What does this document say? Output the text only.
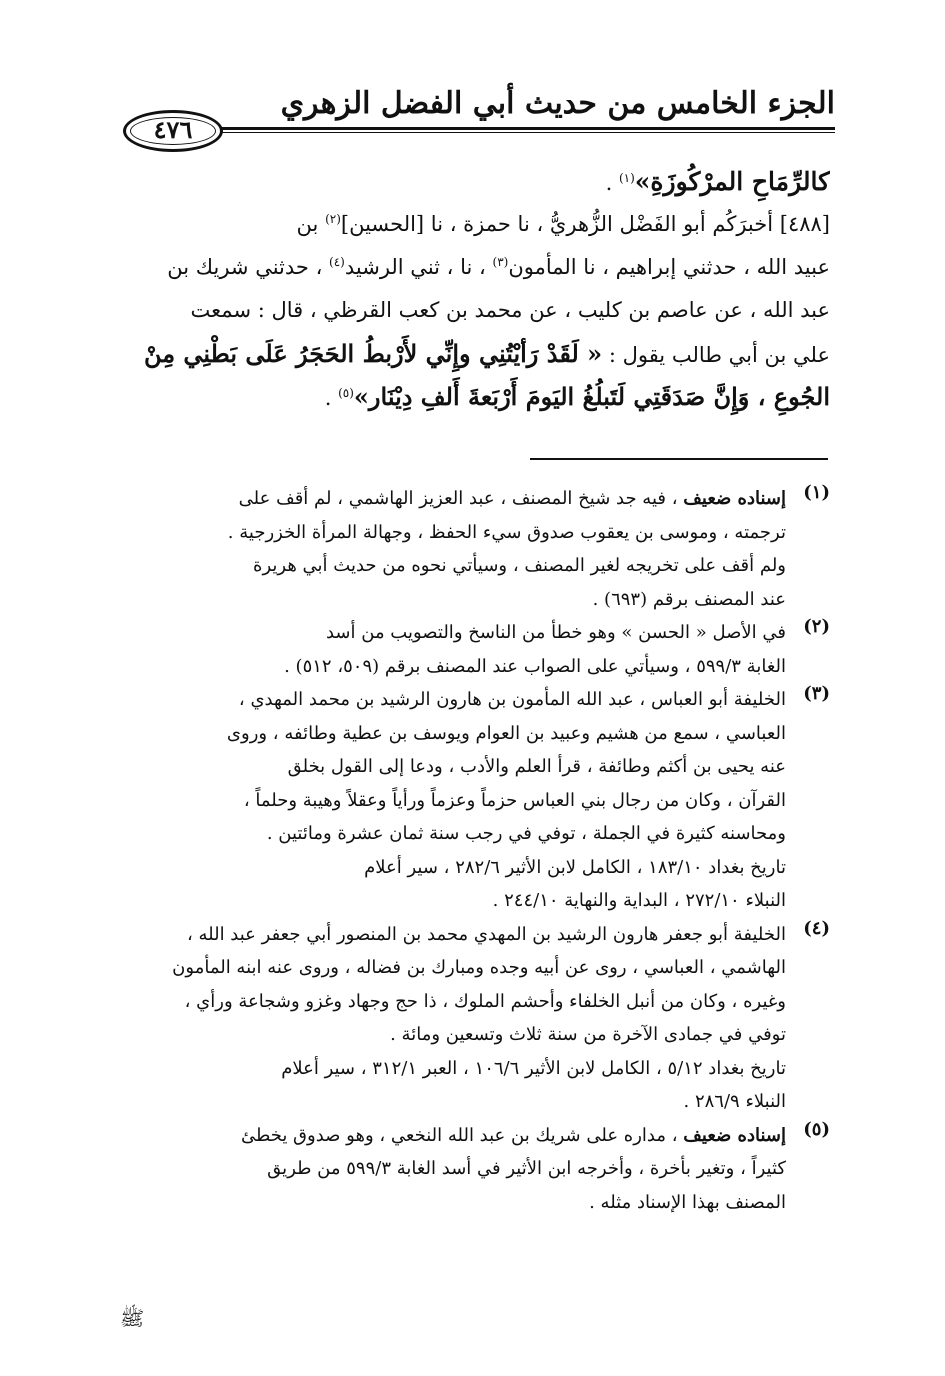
الجزء الخامس من حديث أبي الفضل الزهري
٤٧٦
كالرِّمَاحِ المرْكُوزَةِ»$^{(١)}$ .
[٤٨٨] أخبرَكُم أبو الفَضْل الزُّهريُّ ، نا حمزة ، نا [الحسين]$^{(٢)}$ بن
عبيد الله ، حدثني إبراهيم ، نا المأمون$^{(٣)}$ ، نا ، ثني الرشيد$^{(٤)}$ ، حدثني شريك بن
عبد الله ، عن عاصم بن كليب ، عن محمد بن كعب القرظي ، قال : سمعت
علي بن أبي طالب يقول : « لَقَدْ رَأيْتُنِي وإِنِّي لأَرْبطُ الحَجَرُ عَلَى بَطْنِي مِنْ
الجُوعِ ، وَإِنَّ صَدَقَتِي لَتَبلُغُ اليَومَ أَرْبَعةَ أَلفِ دِيْنَار»$^{(٥)}$ .
(١)
إسناده ضعيف ، فيه جد شيخ المصنف ، عبد العزيز الهاشمي ، لم أقف على
ترجمته ، وموسى بن يعقوب صدوق سيء الحفظ ، وجهالة المرأة الخزرجية .
ولم أقف على تخريجه لغير المصنف ، وسيأتي نحوه من حديث أبي هريرة
عند المصنف برقم (٦٩٣) .
(٢)
في الأصل « الحسن » وهو خطأ من الناسخ والتصويب من أسد
الغابة ٥٩٩/٣ ، وسيأتي على الصواب عند المصنف برقم (٥٠٩، ٥١٢) .
(٣)
الخليفة أبو العباس ، عبد الله المأمون بن هارون الرشيد بن محمد المهدي ،
العباسي ، سمع من هشيم وعبيد بن العوام ويوسف بن عطية وطائفه ، وروى
عنه يحيى بن أكثم وطائفة ، قرأ العلم والأدب ، ودعا إلى القول بخلق
القرآن ، وكان من رجال بني العباس حزماً وعزماً ورأياً وعقلاً وهيبة وحلماً ،
ومحاسنه كثيرة في الجملة ، توفي في رجب سنة ثمان عشرة ومائتين .
تاريخ بغداد ١٨٣/١٠ ، الكامل لابن الأثير ٢٨٢/٦ ، سير أعلام
النبلاء ٢٧٢/١٠ ، البداية والنهاية ٢٤٤/١٠ .
(٤)
الخليفة أبو جعفر هارون الرشيد بن المهدي محمد بن المنصور أبي جعفر عبد الله ،
الهاشمي ، العباسي ، روى عن أبيه وجده ومبارك بن فضاله ، وروى عنه ابنه المأمون
وغيره ، وكان من أنبل الخلفاء وأحشم الملوك ، ذا حج وجهاد وغزو وشجاعة ورأي ،
توفي في جمادى الآخرة من سنة ثلاث وتسعين ومائة .
تاريخ بغداد ٥/١٢ ، الكامل لابن الأثير ١٠٦/٦ ، العبر ٣١٢/١ ، سير أعلام
النبلاء ٢٨٦/٩ .
(٥)
إسناده ضعيف ، مداره على شريك بن عبد الله النخعي ، وهو صدوق يخطئ
كثيراً ، وتغير بأخرة ، وأخرجه ابن الأثير في أسد الغابة ٥٩٩/٣ من طريق
المصنف بهذا الإسناد مثله .
ﷺ
